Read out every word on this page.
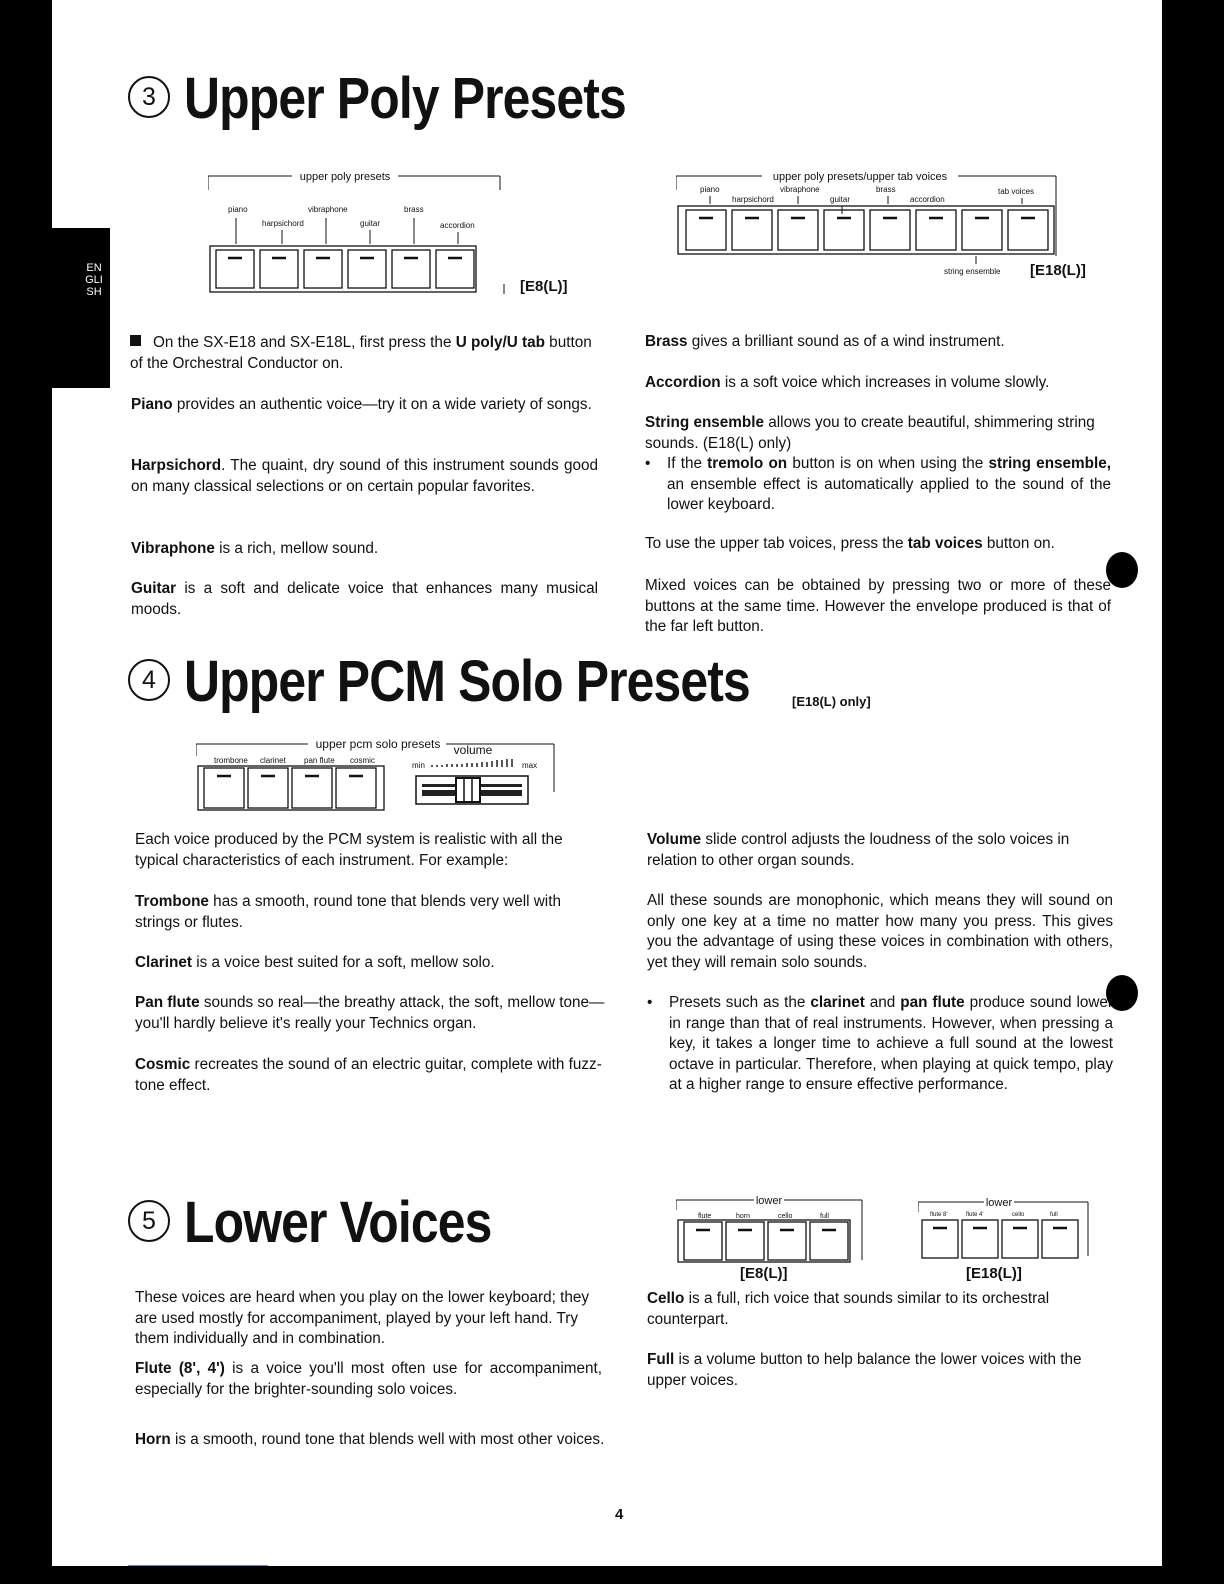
ENGLISH
3 Upper Poly Presets
upper poly presets
piano
harpsichord
vibraphone
guitar
brass
accordion
[E8(L)]
upper poly presets/upper tab voices
piano
harpsichord
vibraphone
guitar
brass
accordion
tab voices
string ensemble [E18(L)]
On the SX-E18 and SX-E18L, first press the U poly/U tab button of the Orchestral Conductor on.
Piano provides an authentic voice—try it on a wide variety of songs.
Harpsichord. The quaint, dry sound of this instrument sounds good on many classical selections or on certain popular favorites.
Vibraphone is a rich, mellow sound.
Guitar is a soft and delicate voice that enhances many musical moods.
Brass gives a brilliant sound as of a wind instrument.
Accordion is a soft voice which increases in volume slowly.
String ensemble allows you to create beautiful, shimmering string sounds. (E18(L) only)
• If the tremolo on button is on when using the string ensemble, an ensemble effect is automatically applied to the sound of the lower keyboard.
To use the upper tab voices, press the tab voices button on.
Mixed voices can be obtained by pressing two or more of these buttons at the same time. However the envelope produced is that of the far left button.
4 Upper PCM Solo Presets	[E18(L) only]
upper pcm solo presets volume
trombone clarinet pan flute cosmic
min	max
Each voice produced by the PCM system is realistic with all the typical characteristics of each instrument. For example:
Trombone has a smooth, round tone that blends very well with strings or flutes.
Clarinet is a voice best suited for a soft, mellow solo.
Pan flute sounds so real—the breathy attack, the soft, mellow tone—you'll hardly believe it's really your Technics organ.
Cosmic recreates the sound of an electric guitar, complete with fuzz-tone effect.
Volume slide control adjusts the loudness of the solo voices in relation to other organ sounds.
All these sounds are monophonic, which means they will sound on only one key at a time no matter how many you press. This gives you the advantage of using these voices in combination with others, yet they will remain solo sounds.
• Presets such as the clarinet and pan flute produce sound lower in range than that of real instruments. However, when pressing a key, it takes a longer time to achieve a full sound at the lowest octave in particular. Therefore, when playing at quick tempo, play at a higher range to ensure effective performance.
5 Lower Voices	lower
flute	horn	cello	full
[E8(L)]
lower
flute 8'	flute 4'	cello	full
[E18(L)]
These voices are heard when you play on the lower keyboard; they are used mostly for accompaniment, played by your left hand. Try them individually and in combination.
Flute (8', 4') is a voice you'll most often use for accompaniment, especially for the brighter-sounding solo voices.
Horn is a smooth, round tone that blends well with most other voices.
Cello is a full, rich voice that sounds similar to its orchestral counterpart.
Full is a volume button to help balance the lower voices with the upper voices.
4
